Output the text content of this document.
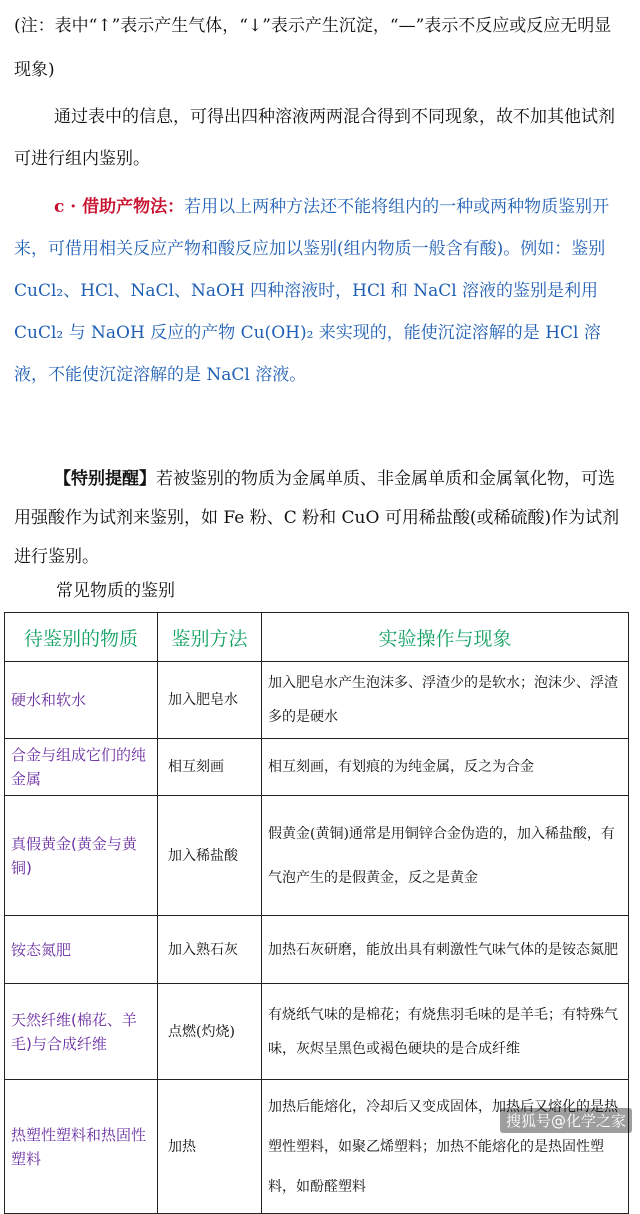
(注：表中“↑”表示产生气体，“↓”表示产生沉淀，“—”表示不反应或反应无明显现象)
通过表中的信息，可得出四种溶液两两混合得到不同现象，故不加其他试剂可进行组内鉴别。
c · 借助产物法：若用以上两种方法还不能将组内的一种或两种物质鉴别开来，可借用相关反应产物和酸反应加以鉴别(组内物质一般含有酸)。例如：鉴别 CuCl₂、HCl、NaCl、NaOH 四种溶液时，HCl 和 NaCl 溶液的鉴别是利用 CuCl₂ 与 NaOH 反应的产物 Cu(OH)₂ 来实现的，能使沉淀溶解的是 HCl 溶液，不能使沉淀溶解的是 NaCl 溶液。
【特别提醒】若被鉴别的物质为金属单质、非金属单质和金属氧化物，可选用强酸作为试剂来鉴别，如 Fe 粉、C 粉和 CuO 可用稀盐酸(或稀硫酸)作为试剂进行鉴别。
常见物质的鉴别
待鉴别的物质	鉴别方法	实验操作与现象
硬水和软水	加入肥皂水	加入肥皂水产生泡沫多、浮渣少的是软水；泡沫少、浮渣多的是硬水
合金与组成它们的纯金属	相互刻画	相互刻画，有划痕的为纯金属，反之为合金
真假黄金(黄金与黄铜)	加入稀盐酸	假黄金(黄铜)通常是用铜锌合金伪造的，加入稀盐酸，有气泡产生的是假黄金，反之是黄金
铵态氮肥	加入熟石灰	加热石灰研磨，能放出具有刺激性气味气体的是铵态氮肥
天然纤维(棉花、羊毛)与合成纤维	点燃(灼烧)	有烧纸气味的是棉花；有烧焦羽毛味的是羊毛；有特殊气味，灰烬呈黑色或褐色硬块的是合成纤维
热塑性塑料和热固性塑料	加热	加热后能熔化，冷却后又变成固体，加热后又熔化的是热塑性塑料，如聚乙烯塑料；加热不能熔化的是热固性塑料，如酚醛塑料
搜狐号@化学之家
